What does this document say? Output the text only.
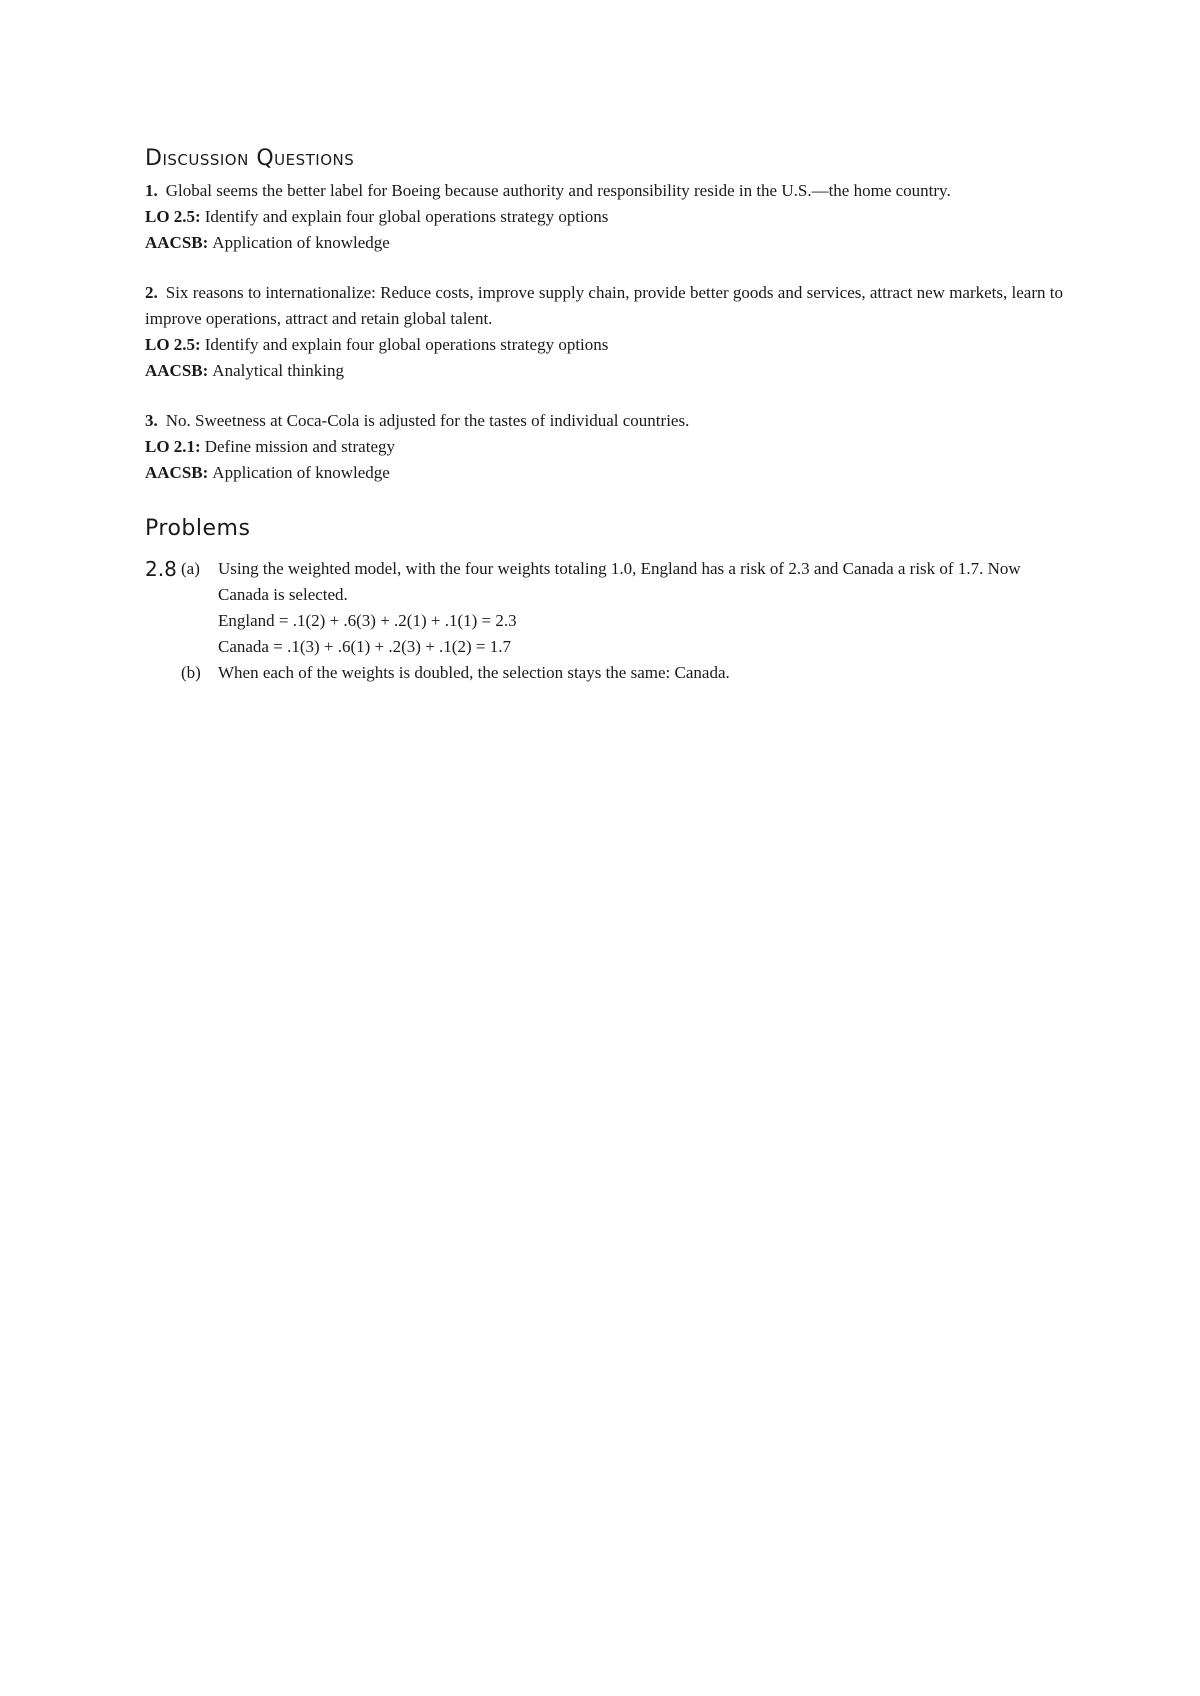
Discussion Questions

1. Global seems the better label for Boeing because authority and responsibility reside in the U.S.—the home country.

LO 2.5: Identify and explain four global operations strategy options

AACSB: Application of knowledge

2. Six reasons to internationalize: Reduce costs, improve supply chain, provide better goods and services, attract new markets, learn to improve operations, attract and retain global talent.

LO 2.5: Identify and explain four global operations strategy options

AACSB: Analytical thinking

3. No. Sweetness at Coca-Cola is adjusted for the tastes of individual countries.

LO 2.1: Define mission and strategy

AACSB: Application of knowledge

Problems
2.8 (a)	Using the weighted model, with the four weights totaling 1.0, England has a risk of 2.3 and Canada a risk of 1.7. Now Canada is selected.

England = .1(2) + .6(3) + .2(1) + .1(1) = 2.3

Canada = .1(3) + .6(1) + .2(3) + .1(2) = 1.7

(b)	When each of the weights is doubled, the selection stays the same: Canada.
